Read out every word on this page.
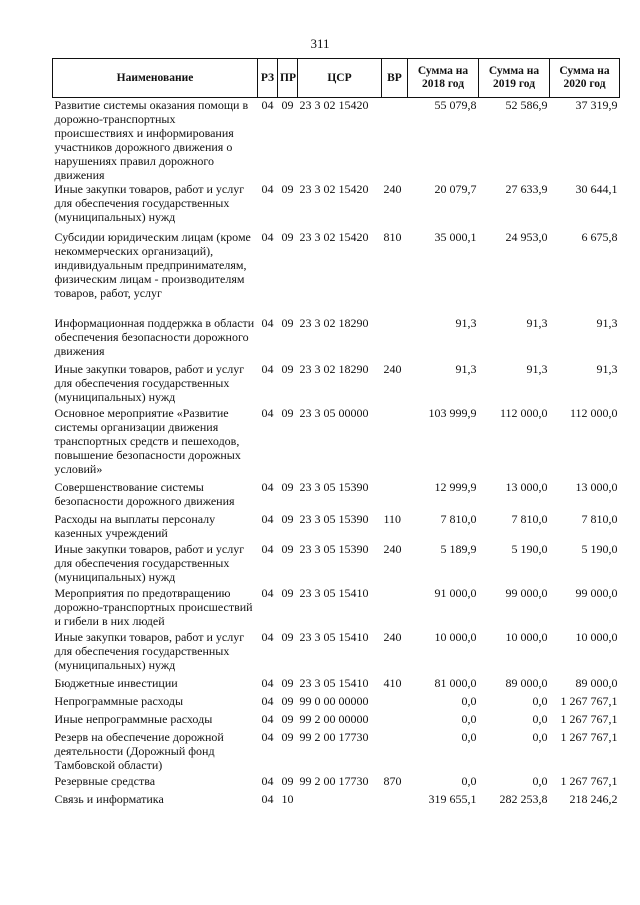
311
Наименование	РЗ	ПР	ЦСР	ВР	Сумма на 2018 год	Сумма на 2019 год	Сумма на 2020 год
Развитие системы оказания помощи в дорожно-транспортных происшествиях и информирования участников дорожного движения о нарушениях правил дорожного движения	04	09	23 3 02 15420		55 079,8	52 586,9	37 319,9
Иные закупки товаров, работ и услуг для обеспечения государственных (муниципальных) нужд	04	09	23 3 02 15420	240	20 079,7	27 633,9	30 644,1
Субсидии юридическим лицам (кроме некоммерческих организаций), индивидуальным предпринимателям, физическим лицам - производителям товаров, работ, услуг	04	09	23 3 02 15420	810	35 000,1	24 953,0	6 675,8
Информационная поддержка в области обеспечения безопасности дорожного движения	04	09	23 3 02 18290		91,3	91,3	91,3
Иные закупки товаров, работ и услуг для обеспечения государственных (муниципальных) нужд	04	09	23 3 02 18290	240	91,3	91,3	91,3
Основное мероприятие «Развитие системы организации движения транспортных средств и пешеходов, повышение безопасности дорожных условий»	04	09	23 3 05 00000		103 999,9	112 000,0	112 000,0
Совершенствование системы безопасности дорожного движения	04	09	23 3 05 15390		12 999,9	13 000,0	13 000,0
Расходы на выплаты персоналу казенных учреждений	04	09	23 3 05 15390	110	7 810,0	7 810,0	7 810,0
Иные закупки товаров, работ и услуг для обеспечения государственных (муниципальных) нужд	04	09	23 3 05 15390	240	5 189,9	5 190,0	5 190,0
Мероприятия по предотвращению дорожно-транспортных происшествий и гибели в них людей	04	09	23 3 05 15410		91 000,0	99 000,0	99 000,0
Иные закупки товаров, работ и услуг для обеспечения государственных (муниципальных) нужд	04	09	23 3 05 15410	240	10 000,0	10 000,0	10 000,0
Бюджетные инвестиции	04	09	23 3 05 15410	410	81 000,0	89 000,0	89 000,0
Непрограммные расходы	04	09	99 0 00 00000		0,0	0,0	1 267 767,1
Иные непрограммные расходы	04	09	99 2 00 00000		0,0	0,0	1 267 767,1
Резерв на обеспечение дорожной деятельности (Дорожный фонд Тамбовской области)	04	09	99 2 00 17730		0,0	0,0	1 267 767,1
Резервные средства	04	09	99 2 00 17730	870	0,0	0,0	1 267 767,1
Связь и информатика	04	10			319 655,1	282 253,8	218 246,2
